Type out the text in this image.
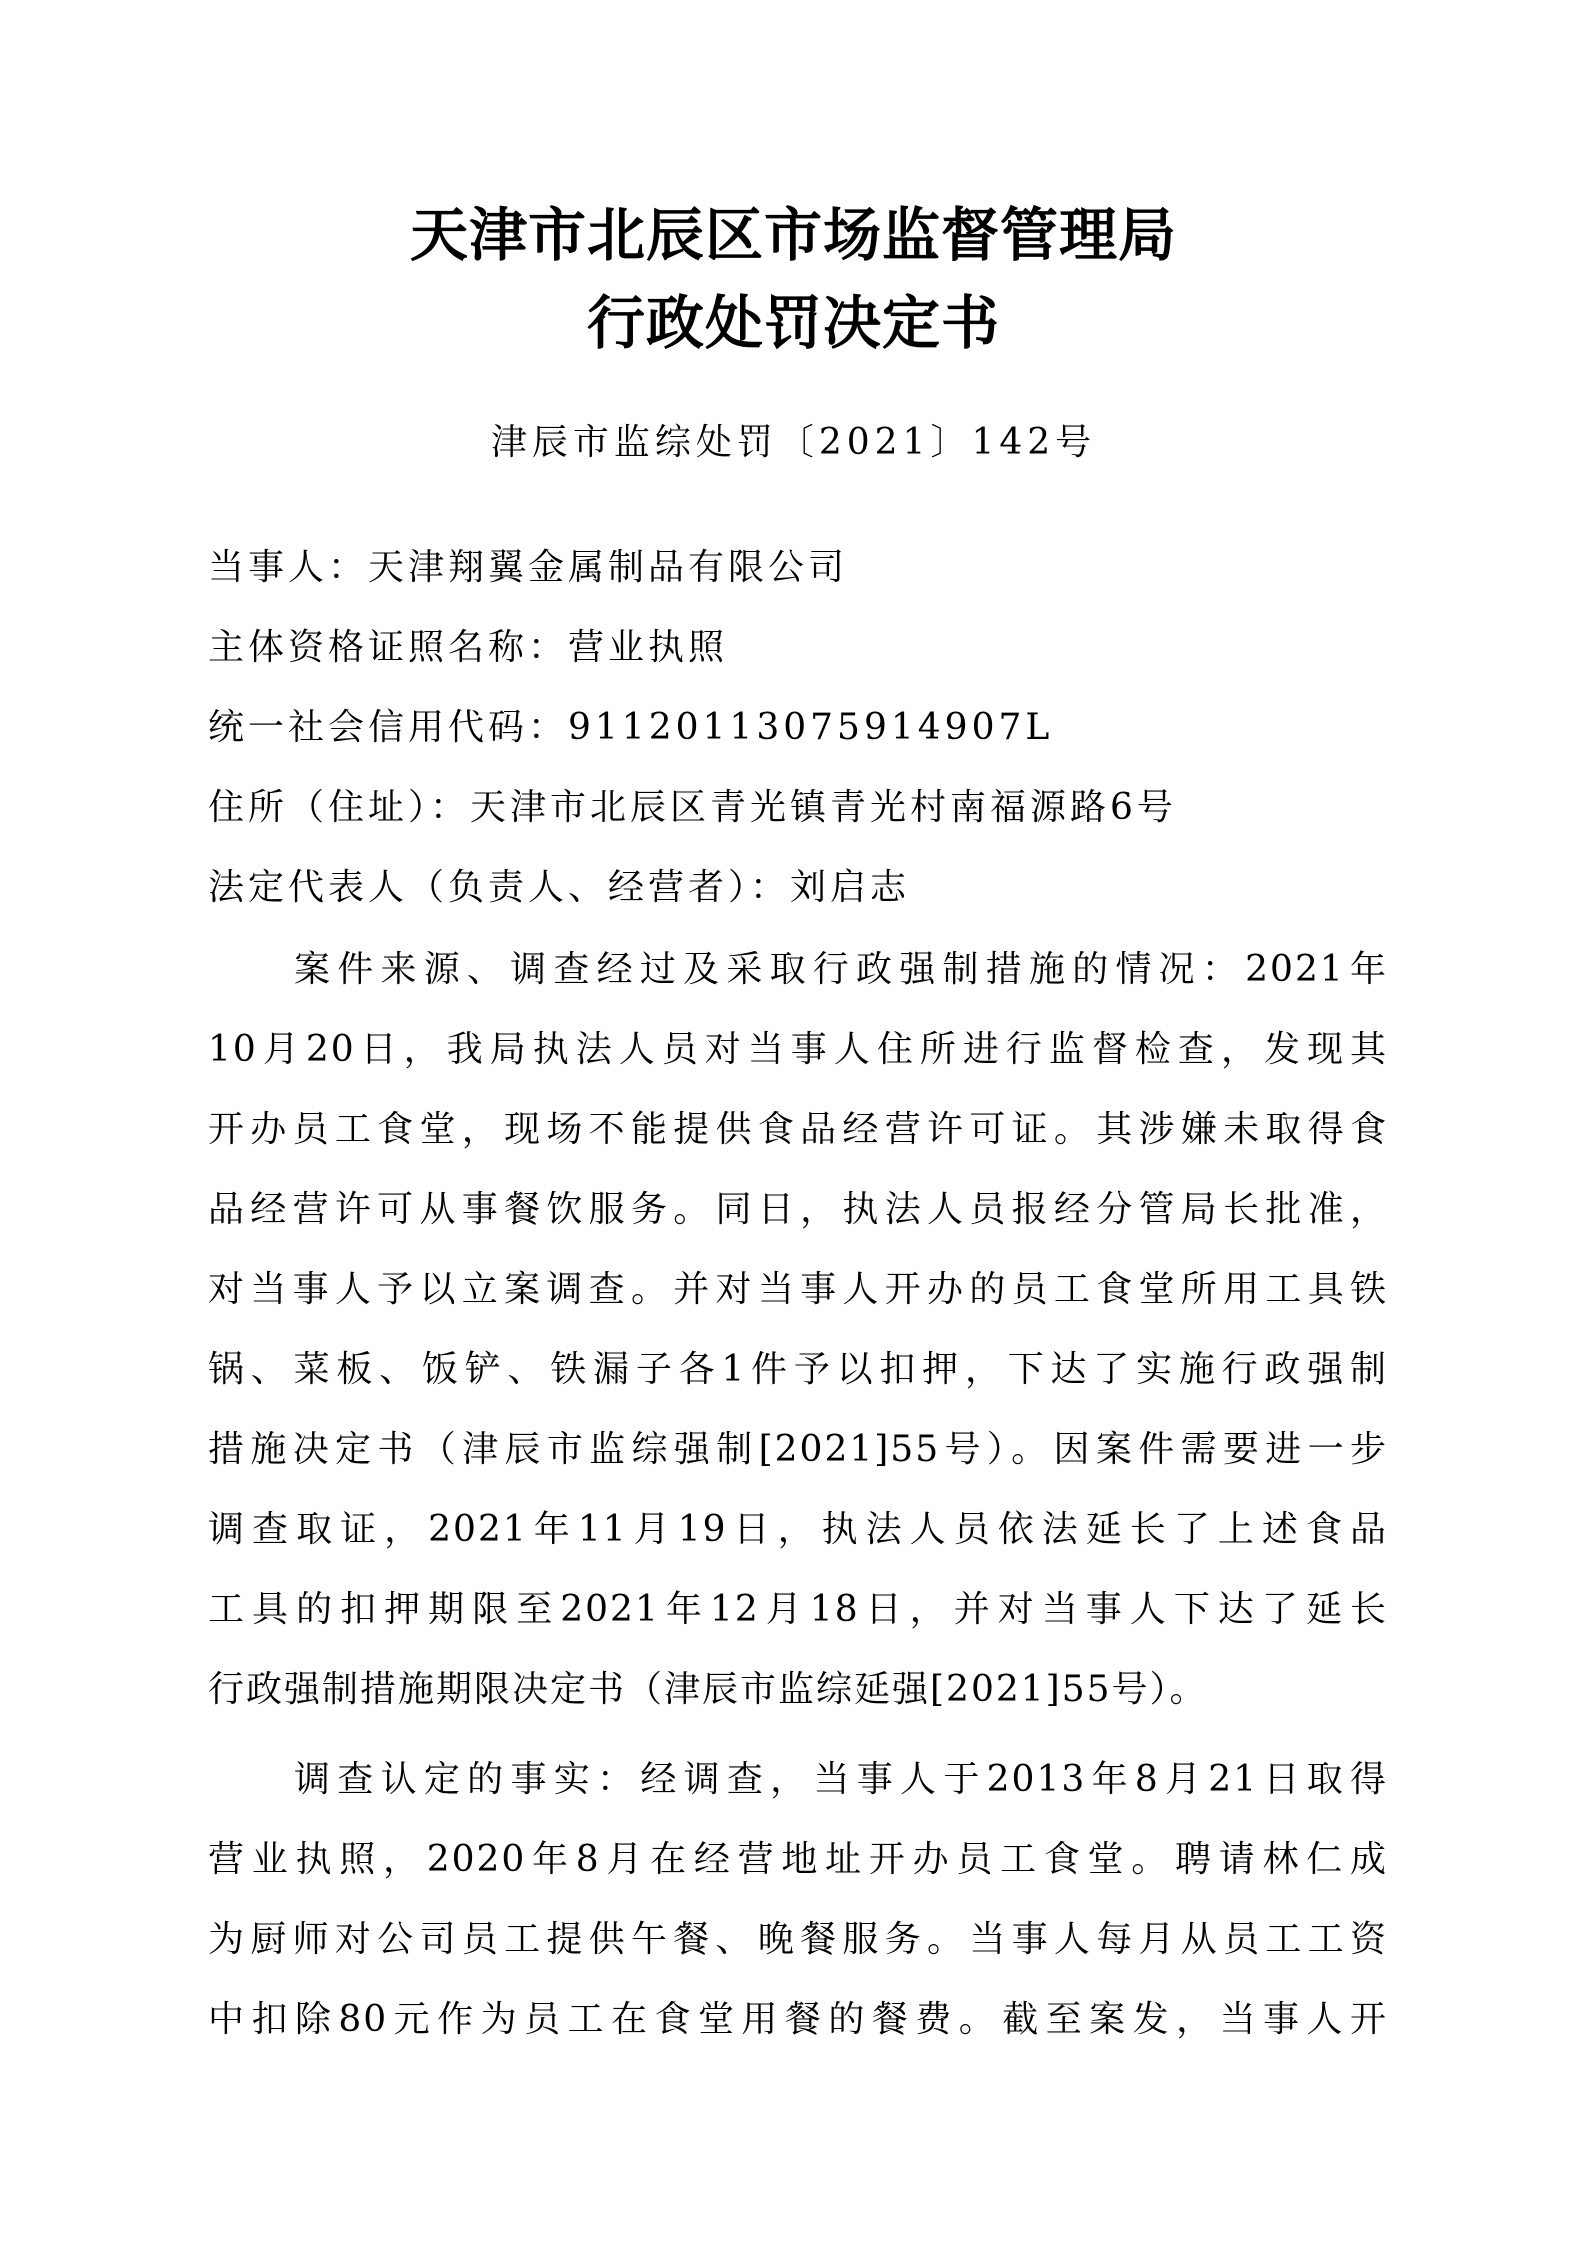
天津市北辰区市场监督管理局
行政处罚决定书
津辰市监综处罚〔2021〕142号
当事人：天津翔翼金属制品有限公司
主体资格证照名称：营业执照
统一社会信用代码：91120113075914907L
住所（住址）：天津市北辰区青光镇青光村南福源路6号
法定代表人（负责人、经营者）：刘启志
案件来源、调查经过及采取行政强制措施的情况：2021年
10月20日，我局执法人员对当事人住所进行监督检查，发现其
开办员工食堂，现场不能提供食品经营许可证。其涉嫌未取得食
品经营许可从事餐饮服务。同日，执法人员报经分管局长批准，
对当事人予以立案调查。并对当事人开办的员工食堂所用工具铁
锅、菜板、饭铲、铁漏子各1件予以扣押，下达了实施行政强制
措施决定书（津辰市监综强制[2021]55号）。因案件需要进一步
调查取证，2021年11月19日，执法人员依法延长了上述食品
工具的扣押期限至2021年12月18日，并对当事人下达了延长
行政强制措施期限决定书（津辰市监综延强[2021]55号）。
调查认定的事实：经调查，当事人于2013年8月21日取得
营业执照，2020年8月在经营地址开办员工食堂。聘请林仁成
为厨师对公司员工提供午餐、晚餐服务。当事人每月从员工工资
中扣除80元作为员工在食堂用餐的餐费。截至案发，当事人开
